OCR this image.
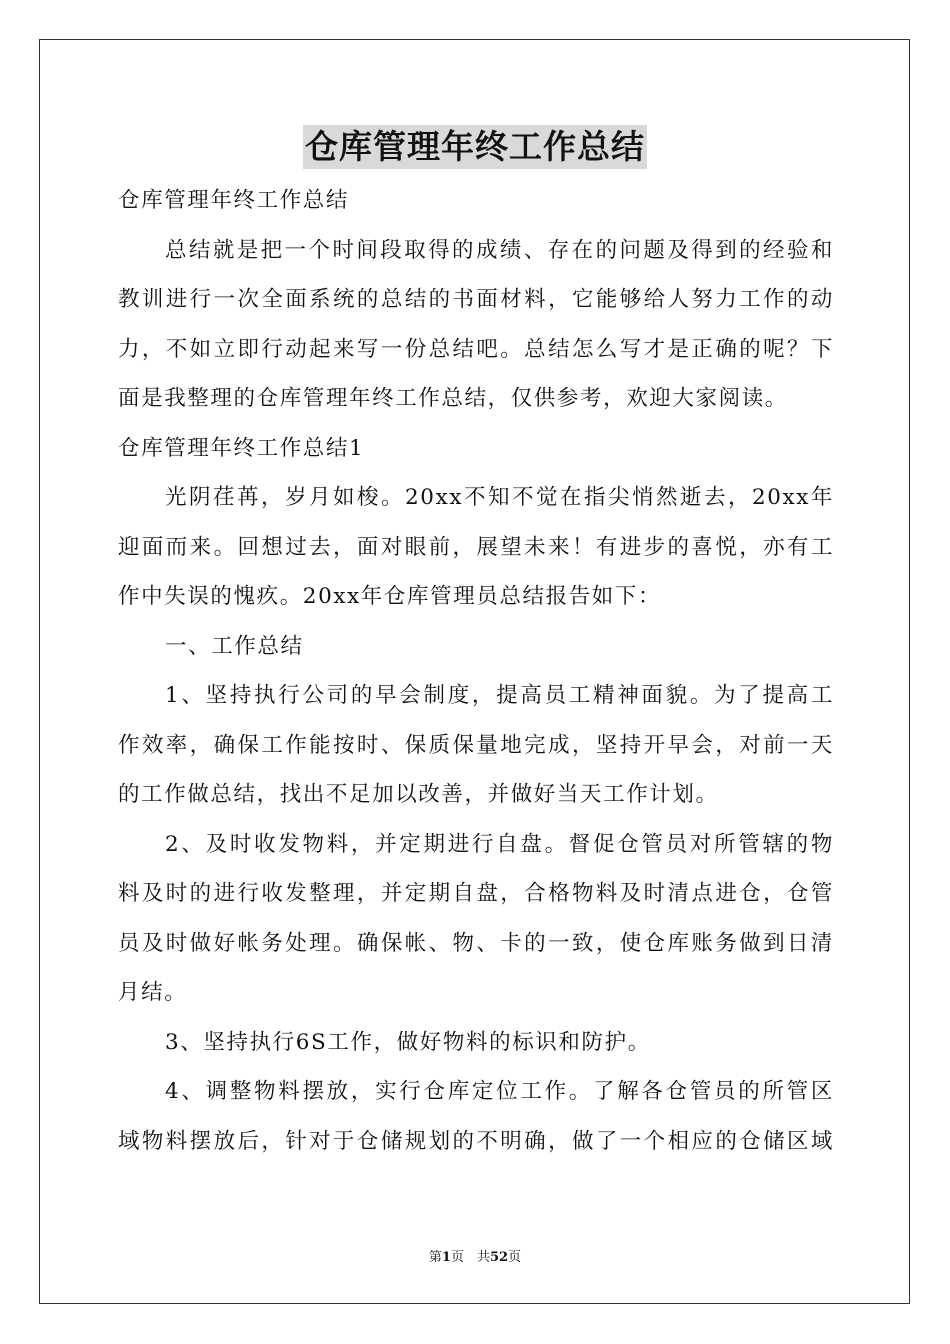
仓库管理年终工作总结
仓库管理年终工作总结
总结就是把一个时间段取得的成绩、存在的问题及得到的经验和
教训进行一次全面系统的总结的书面材料，它能够给人努力工作的动
力，不如立即行动起来写一份总结吧。总结怎么写才是正确的呢？下
面是我整理的仓库管理年终工作总结，仅供参考，欢迎大家阅读。
仓库管理年终工作总结1
光阴荏苒，岁月如梭。20xx不知不觉在指尖悄然逝去，20xx年
迎面而来。回想过去，面对眼前，展望未来！有进步的喜悦，亦有工
作中失误的愧疚。20xx年仓库管理员总结报告如下：
一、工作总结
1、坚持执行公司的早会制度，提高员工精神面貌。为了提高工
作效率，确保工作能按时、保质保量地完成，坚持开早会，对前一天
的工作做总结，找出不足加以改善，并做好当天工作计划。
2、及时收发物料，并定期进行自盘。督促仓管员对所管辖的物
料及时的进行收发整理，并定期自盘，合格物料及时清点进仓，仓管
员及时做好帐务处理。确保帐、物、卡的一致，使仓库账务做到日清
月结。
3、坚持执行6S工作，做好物料的标识和防护。
4、调整物料摆放，实行仓库定位工作。了解各仓管员的所管区
域物料摆放后，针对于仓储规划的不明确，做了一个相应的仓储区域
第1页　共52页
